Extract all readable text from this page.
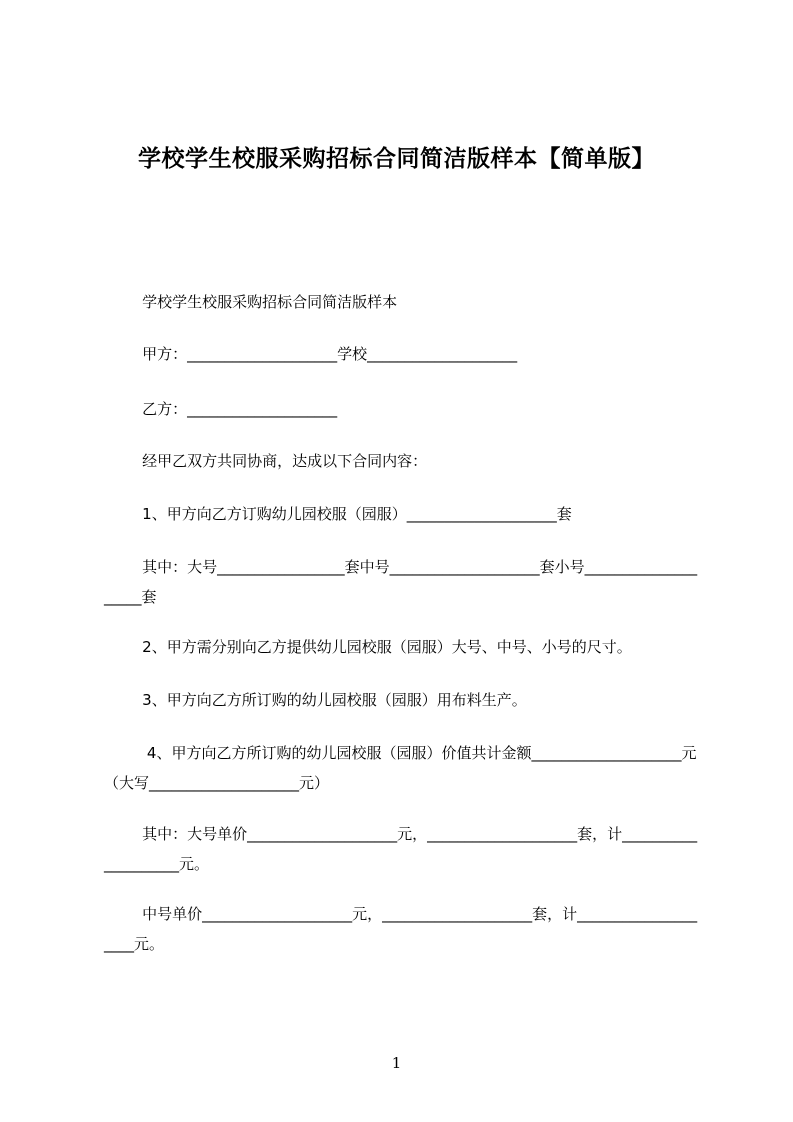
学校学生校服采购招标合同简洁版样本【简单版】
学校学生校服采购招标合同简洁版样本
甲方：____________________学校____________________
乙方：____________________
经甲乙双方共同协商，达成以下合同内容：
1、甲方向乙方订购幼儿园校服（园服）____________________套
其中：大号_________________套中号____________________套小号____________________套
2、甲方需分别向乙方提供幼儿园校服（园服）大号、中号、小号的尺寸。
3、甲方向乙方所订购的幼儿园校服（园服）用布料生产。
4、甲方向乙方所订购的幼儿园校服（园服）价值共计金额____________________元（大写____________________元）
其中：大号单价____________________元，____________________套，计____________________元。
中号单价____________________元，____________________套，计____________________元。
1
